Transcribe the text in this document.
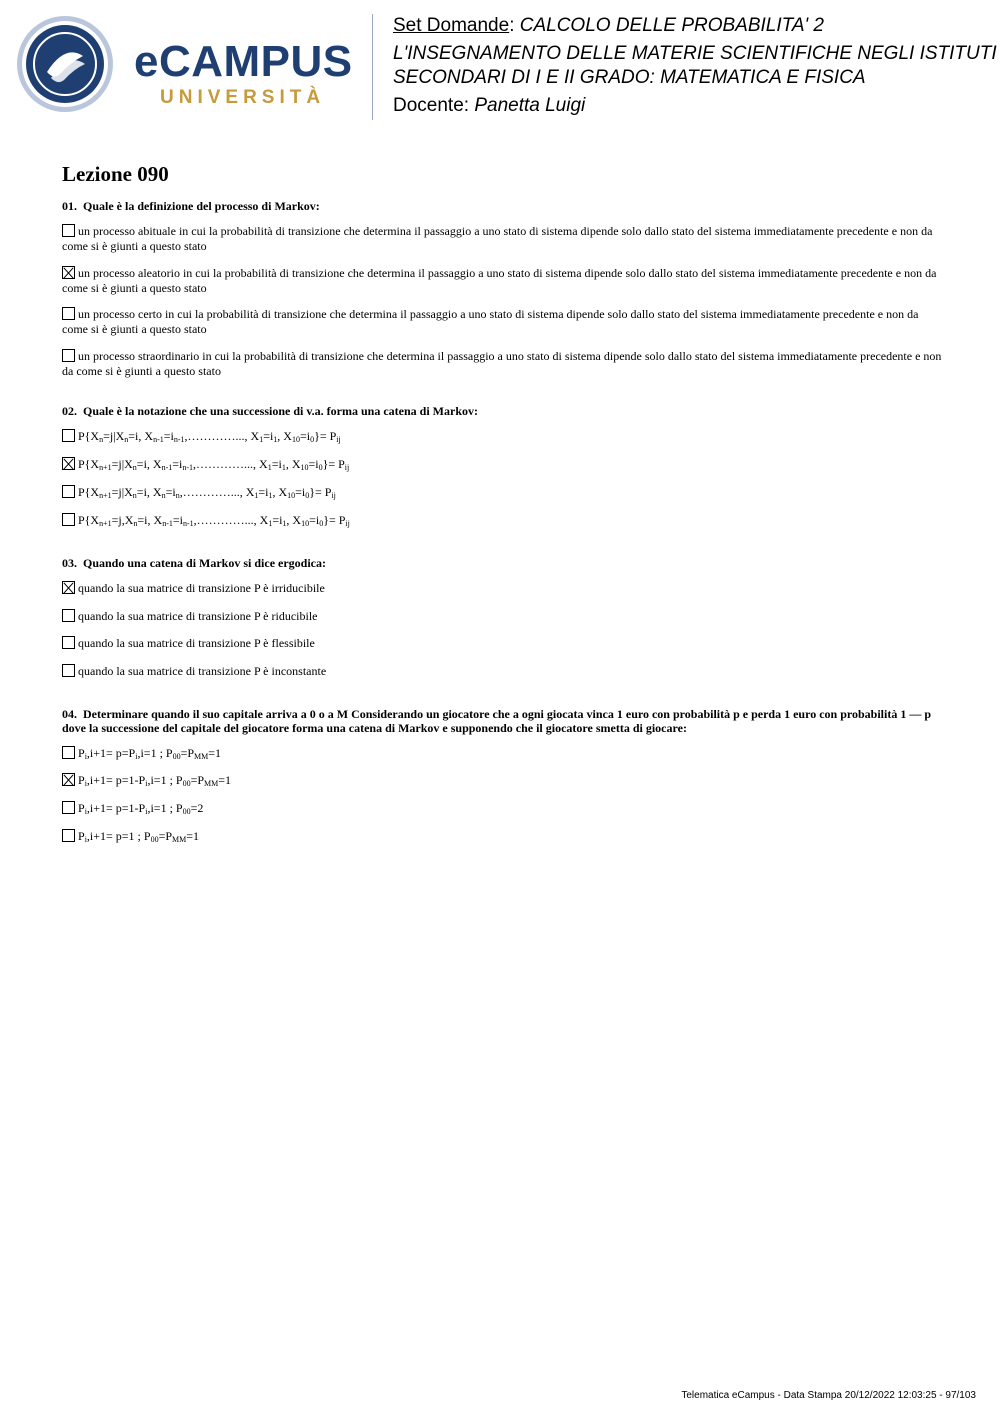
eCAMPUS
UNIVERSITÀ
Set Domande: CALCOLO DELLE PROBABILITA' 2
L'INSEGNAMENTO DELLE MATERIE SCIENTIFICHE NEGLI ISTITUTI
SECONDARI DI I E II GRADO: MATEMATICA E FISICA
Docente: Panetta Luigi
Lezione 090
01. Quale è la definizione del processo di Markov:
un processo abituale in cui la probabilità di transizione che determina il passaggio a uno stato di sistema dipende solo dallo stato del sistema immediatamente precedente e non da come si è giunti a questo stato
un processo aleatorio in cui la probabilità di transizione che determina il passaggio a uno stato di sistema dipende solo dallo stato del sistema immediatamente precedente e non da come si è giunti a questo stato
un processo certo in cui la probabilità di transizione che determina il passaggio a uno stato di sistema dipende solo dallo stato del sistema immediatamente precedente e non da come si è giunti a questo stato
un processo straordinario in cui la probabilità di transizione che determina il passaggio a uno stato di sistema dipende solo dallo stato del sistema immediatamente precedente e non da come si è giunti a questo stato
02. Quale è la notazione che una successione di v.a. forma una catena di Markov:
$P\{X_n=j|X_n=i$, $X_{n-1}=i_{n-1},\dots\dots\dots\dots$..., $X_1=i_1$, $X_{10}=i_0\}= P_{ij}$
$P\{X_{n+1}=j|X_n=i$, $X_{n-1}=i_{n-1},\dots\dots\dots\dots$..., $X_1=i_1$, $X_{10}=i_0\}= P_{ij}$
$P\{X_{n+1}=j|X_n=i$, $X_n=i_n,\dots\dots\dots\dots$..., $X_1=i_1$, $X_{10}=i_0\}= P_{ij}$
$P\{X_{n+1}=j,X_n=i$, $X_{n-1}=i_{n-1},\dots\dots\dots\dots$..., $X_1=i_1$, $X_{10}=i_0\}= P_{ij}$
03. Quando una catena di Markov si dice ergodica:
quando la sua matrice di transizione P è irriducibile
quando la sua matrice di transizione P è riducibile
quando la sua matrice di transizione P è flessibile
quando la sua matrice di transizione P è inconstante
04. Determinare quando il suo capitale arriva a 0 o a M Considerando un giocatore che a ogni giocata vinca 1 euro con probabilità p e perda 1 euro con probabilità 1 — p dove la successione del capitale del giocatore forma una catena di Markov e supponendo che il giocatore smetta di giocare:
$P_i,i+1= p=P_i,i=1$ ; $P_{00}=P_{MM}=1$
$P_i,i+1= p=1-P_i,i=1$ ; $P_{00}=P_{MM}=1$
$P_i,i+1= p=1-P_i,i=1$ ; $P_{00}=2$
$P_i,i+1= p=1$ ; $P_{00}=P_{MM}=1$
Telematica eCampus - Data Stampa 20/12/2022 12:03:25 - 97/103
